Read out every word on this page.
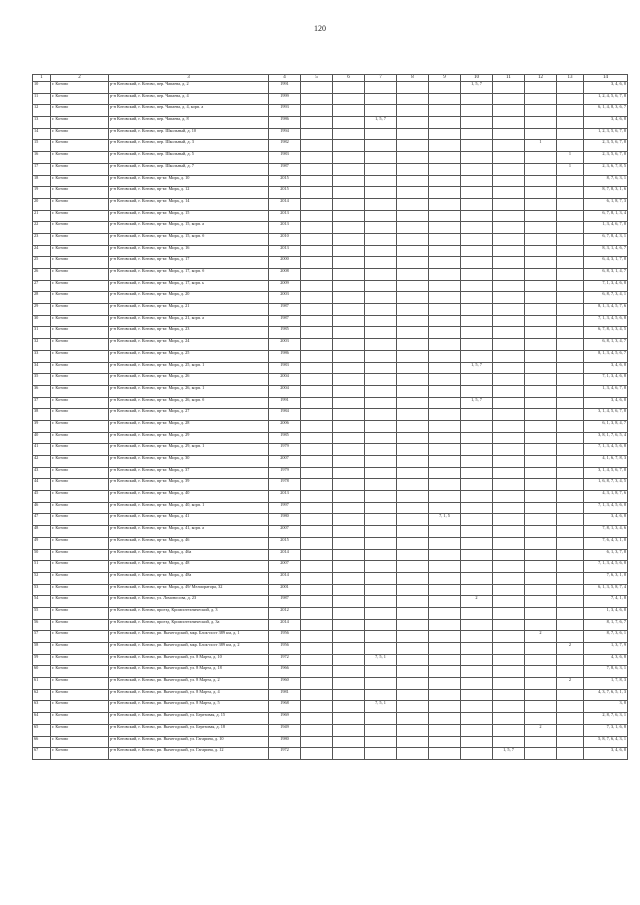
120
1	2	3	4	5	6	7	8	9	10	11	12	13	14
10	г. Котово	р-н Котовский, г. Котово, пер. Чапаева, д. 2	1991						1, 5, 7				3, 4, 6, 8
11	г. Котово	р-н Котовский, г. Котово, пер. Чапаева, д. 4	1999										1, 2, 4, 5, 6, 7, 8
12	г. Котово	р-н Котовский, г. Котово, пер. Чапаева, д. 4, корп. а	1993										6, 1, 4, 8, 3, 6, 7
13	г. Котово	р-н Котовский, г. Котово, пер. Чапаева, д. 8	1986			1, 5, 7							3, 4, 6, 8
14	г. Котово	р-н Котовский, г. Котово, пер. Школьный, д. 10	1994										1, 2, 3, 5, 6, 7, 8
15	г. Котово	р-н Котовский, г. Котово, пер. Школьный, д. 3	1982								1		2, 3, 5, 6, 7, 8
16	г. Котово	р-н Котовский, г. Котово, пер. Школьный, д. 5	1983									1	2, 3, 5, 6, 7, 8
17	г. Котово	р-н Котовский, г. Котово, пер. Школьный, д. 7	1987									1	2, 3, 6, 7, 8, 5
18	г. Котово	р-н Котовский, г. Котово, пр-кт. Мира, д. 10	2015										8, 7, 6, 3, 1
19	г. Котово	р-н Котовский, г. Котово, пр-кт. Мира, д. 12	2015										8, 7, 8, 3, 1, 6
20	г. Котово	р-н Котовский, г. Котово, пр-кт. Мира, д. 14	2014										6, 1, 8, 7, 3
21	г. Котово	р-н Котовский, г. Котово, пр-кт. Мира, д. 15	2013										6, 7, 8, 1, 3, 4
22	г. Котово	р-н Котовский, г. Котово, пр-кт. Мира, д. 15, корп. а	2013										1, 3, 4, 6, 7, 8
23	г. Котово	р-н Котовский, г. Котово, пр-кт. Мира, д. 15, корп. б	2010										6, 7, 8, 4, 3, 1
24	г. Котово	р-н Котовский, г. Котово, пр-кт. Мира, д. 16	2013										8, 3, 1, 4, 6, 7
25	г. Котово	р-н Котовский, г. Котово, пр-кт. Мира, д. 17	2000										6, 4, 3, 1, 7, 8
26	г. Котово	р-н Котовский, г. Котово, пр-кт. Мира, д. 17, корп. б	2008										6, 8, 3, 1, 4, 7
27	г. Котово	р-н Котовский, г. Котово, пр-кт. Мира, д. 17, корп. ь	2009										7, 1, 3, 4, 6, 8
28	г. Котово	р-н Котовский, г. Котово, пр-кт. Мира, д. 20	2003										6, 8, 7, 3, 4, 1
29	г. Котово	р-н Котовский, г. Котово, пр-кт. Мира, д. 21	1987										8, 1, 3, 4, 5, 7, 6
30	г. Котово	р-н Котовский, г. Котово, пр-кт. Мира, д. 21, корп. а	1987										7, 1, 3, 4, 5, 6, 8
31	г. Котово	р-н Котовский, г. Котово, пр-кт. Мира, д. 23	1985										6, 7, 8, 1, 3, 4, 5
32	г. Котово	р-н Котовский, г. Котово, пр-кт. Мира, д. 24	2003										6, 8, 1, 3, 4, 7
33	г. Котово	р-н Котовский, г. Котово, пр-кт. Мира, д. 25	1986										8, 1, 3, 4, 5, 6, 7
34	г. Котово	р-н Котовский, г. Котово, пр-кт. Мира, д. 25, корп. 1	1983						1, 5, 7				3, 4, 6, 8
35	г. Котово	р-н Котовский, г. Котово, пр-кт. Мира, д. 26	2004										7, 1, 3, 4, 6, 8
36	г. Котово	р-н Котовский, г. Котово, пр-кт. Мира, д. 26, корп. 1	2004										1, 3, 4, 6, 7, 8
37	г. Котово	р-н Котовский, г. Котово, пр-кт. Мира, д. 26, корп. б	1991						1, 5, 7				3, 4, 6, 8
38	г. Котово	р-н Котовский, г. Котово, пр-кт. Мира, д. 27	1984										3, 1, 4, 5, 6, 7, 8
39	г. Котово	р-н Котовский, г. Котово, пр-кт. Мира, д. 28	2006										6, 1, 3, 8, 4, 7
40	г. Котово	р-н Котовский, г. Котово, пр-кт. Мира, д. 29	1985										3, 8, 1, 7, 6, 5, 4
41	г. Котово	р-н Котовский, г. Котово, пр-кт. Мира, д. 29, корп. 1	1979										7, 1, 3, 4, 5, 6, 8
42	г. Котово	р-н Котовский, г. Котово, пр-кт. Мира, д. 30	2007										4, 1, 6, 7, 8, 3
43	г. Котово	р-н Котовский, г. Котово, пр-кт. Мира, д. 37	1979										3, 1, 4, 5, 6, 7, 8
44	г. Котово	р-н Котовский, г. Котово, пр-кт. Мира, д. 39	1978										1, 6, 8, 7, 3, 4, 5
45	г. Котово	р-н Котовский, г. Котово, пр-кт. Мира, д. 40	2013										4, 3, 1, 8, 7, 6
46	г. Котово	р-н Котовский, г. Котово, пр-кт. Мира, д. 40, корп. 1	1997										7, 1, 3, 4, 5, 6, 8
47	г. Котово	р-н Котовский, г. Котово, пр-кт. Мира, д. 41	1980					7, 1, 5					3, 4, 6, 8
48	г. Котово	р-н Котовский, г. Котово, пр-кт. Мира, д. 41, корп. а	2007										7, 8, 1, 3, 4, 6
49	г. Котово	р-н Котовский, г. Котово, пр-кт. Мира, д. 46	2015										7, 6, 4, 3, 1, 8
50	г. Котово	р-н Котовский, г. Котово, пр-кт. Мира, д. 46а	2014										6, 1, 3, 7, 8
51	г. Котово	р-н Котовский, г. Котово, пр-кт. Мира, д. 48	2007										7, 1, 3, 4, 5, 6, 8
52	г. Котово	р-н Котовский, г. Котово, пр-кт. Мира, д. 48а	2014										7, 6, 3, 1, 8
53	г. Котово	р-н Котовский, г. Котово, пр-кт. Мира, д. 49/ Мелиоратора, 32	2001										6, 1, 3, 5, 8, 7, 4
54	г. Котово	р-н Котовский, г. Котово, ул. Ломоносова, д. 23	1987						2				7, 4, 1, 8
55	г. Котово	р-н Котовский, г. Котово, проезд. Кромпотехнический, д. 3	2012										1, 3, 4, 6, 8
56	г. Котово	р-н Котовский, г. Котово, проезд. Кромпотехнический, д. 3а	2014										8, 1, 7, 6, 7
57	г. Котово	р-н Котовский, г. Котово, рп. Вычегодский, мкр. Блок-пост 389 км, д. 1	1956								2		8, 7, 3, 6, 1
58	г. Котово	р-н Котовский, г. Котово, рп. Вычегодский, мкр. Блок-пост 389 км, д. 2	1956									2	1, 3, 7, 9
59	г. Котово	р-н Котовский, г. Котово, рп. Вычегодский, ул. 8 Марта, д. 10	1972			7, 5, 1							4, 3, 6, 8
60	г. Котово	р-н Котовский, г. Котово, рп. Вычегодский, ул. 8 Марта, д. 18	1966										7, 8, 6, 3, 1
61	г. Котово	р-н Котовский, г. Котово, рп. Вычегодский, ул. 8 Марта, д. 2	1960									2	1, 7, 8, 3
62	г. Котово	р-н Котовский, г. Котово, рп. Вычегодский, ул. 8 Марта, д. 4	1981										4, 3, 7, 6, 5, 1, 3
63	г. Котово	р-н Котовский, г. Котово, рп. Вычегодский, ул. 8 Марта, д. 5	1968			7, 5, 1							3, 8
64	г. Котово	р-н Котовский, г. Котово, рп. Вычегодский, ул. Березовая, д. 15	1969										2, 8, 7, 6, 3, 1
65	г. Котово	р-н Котовский, г. Котово, рп. Вычегодский, ул. Березовая, д. 18	1949								2		7, 3, 1, 6, 8
66	г. Котово	р-н Котовский, г. Котово, рп. Вычегодский, ул. Гагарина, д. 10	1980										5, 8, 7, 6, 4, 3, 1
67	г. Котово	р-н Котовский, г. Котово, рп. Вычегодский, ул. Гагарина, д. 12	1972							1, 5, 7			3, 4, 6, 8
